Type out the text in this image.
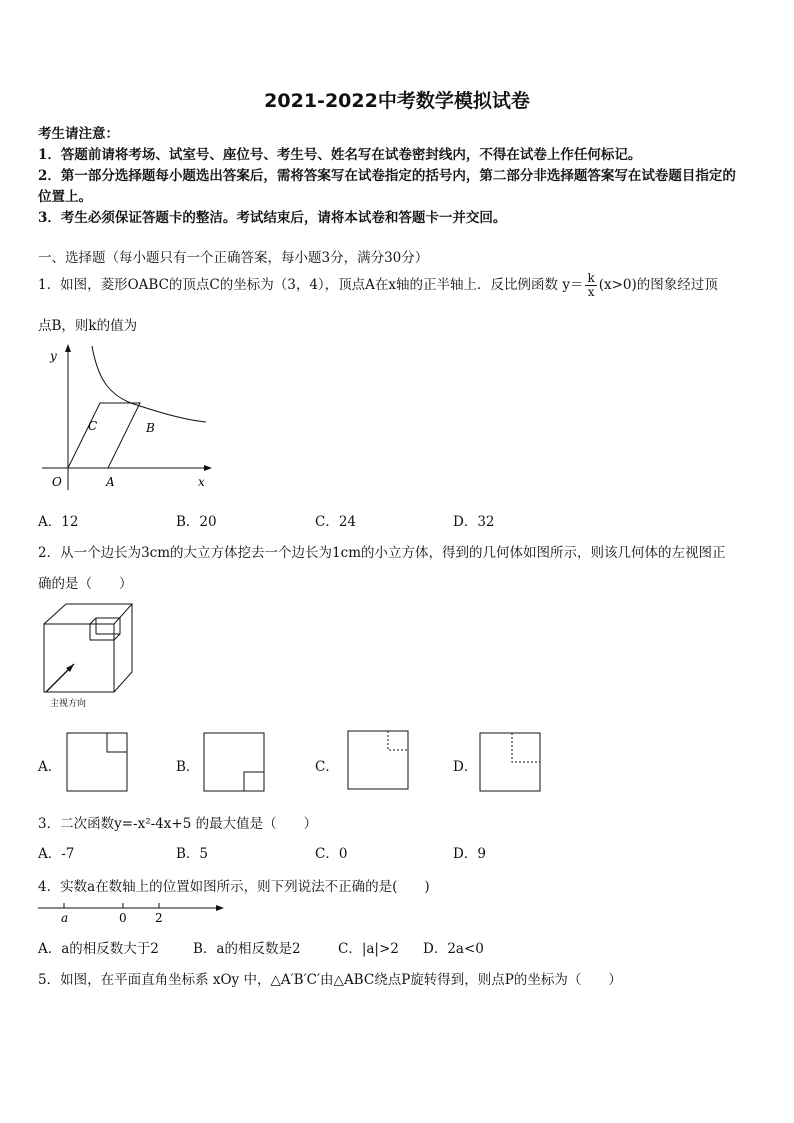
2021-2022中考数学模拟试卷
考生请注意：
1．答题前请将考场、试室号、座位号、考生号、姓名写在试卷密封线内，不得在试卷上作任何标记。
2．第一部分选择题每小题选出答案后，需将答案写在试卷指定的括号内，第二部分非选择题答案写在试卷题目指定的
位置上。
3．考生必须保证答题卡的整洁。考试结束后，请将本试卷和答题卡一并交回。
一、选择题（每小题只有一个正确答案，每小题3分，满分30分）
1．如图，菱形OABC的顶点C的坐标为（3，4），顶点A在x轴的正半轴上．反比例函数 $y= \frac{k}{x} (x>0)$的图象经过顶
点B，则k的值为
y
x
O	A
B
C
A．12	B．20	C．24	D．32
2．从一个边长为3cm的大立方体挖去一个边长为1cm的小立方体，得到的几何体如图所示，则该几何体的左视图正
确的是（　　）
主视方向
A．	B．	C．	D．
3．二次函数y=-x²-4x+5 的最大值是（　　）
A．-7	B．5	C．0	D．9
4．实数a在数轴上的位置如图所示，则下列说法不正确的是(　　)
a	0 2
A．a的相反数大于2	B．a的相反数是2	C．|a|>2 D．2a<0
5．如图，在平面直角坐标系 xOy 中，△A′B′C′由△ABC绕点P旋转得到，则点P的坐标为（　　）
